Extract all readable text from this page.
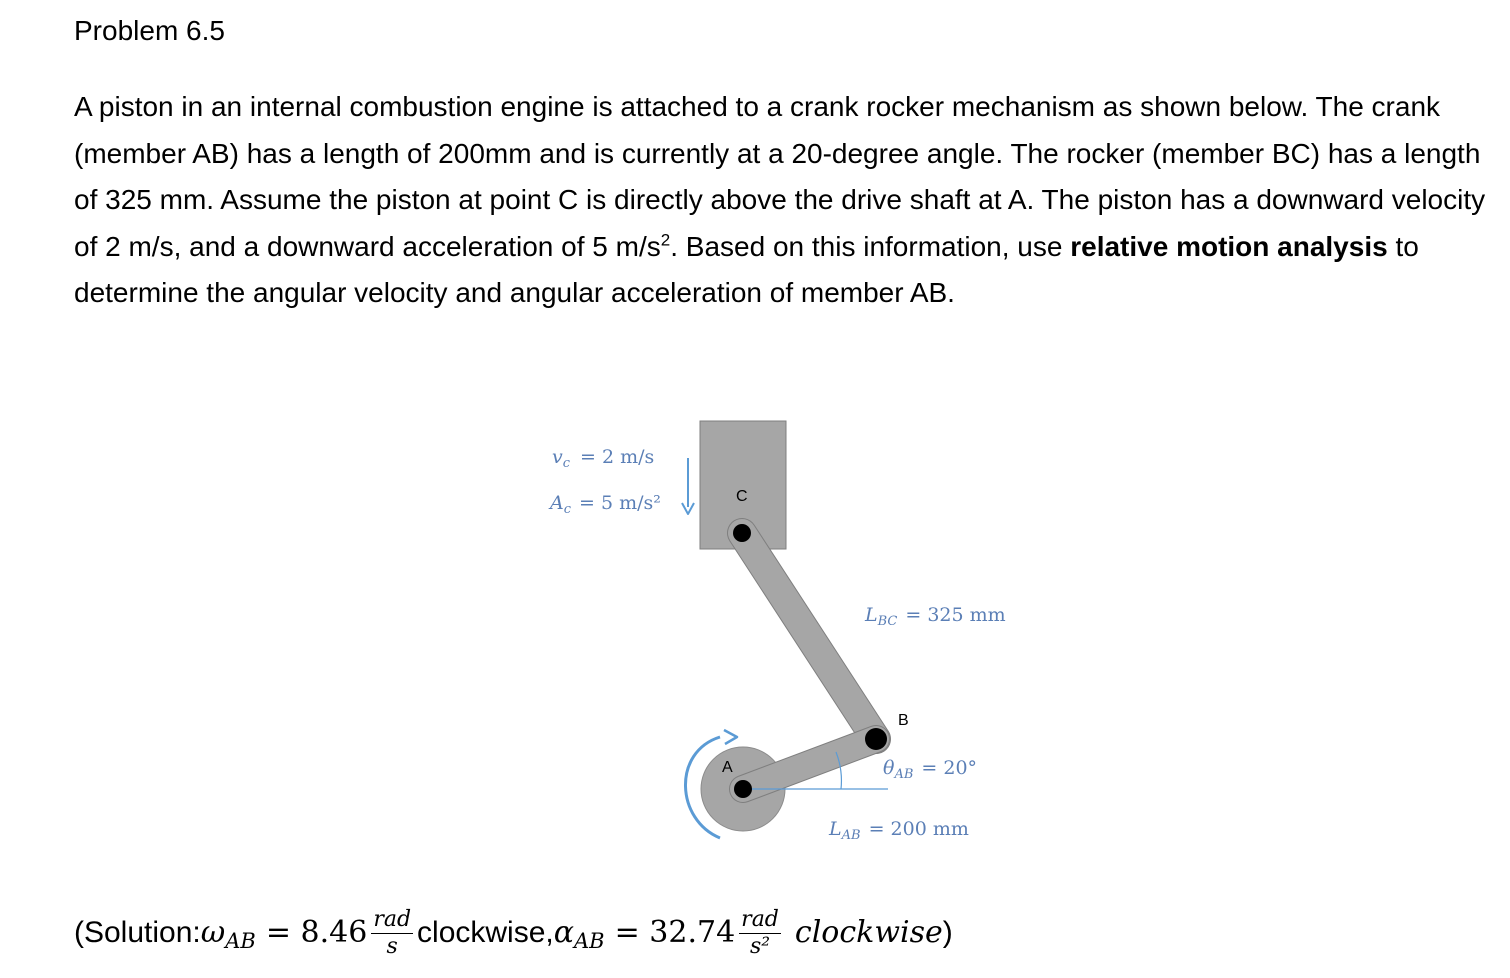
Problem 6.5
A piston in an internal combustion engine is attached to a crank rocker mechanism as shown below. The crank (member AB) has a length of 200mm and is currently at a 20-degree angle. The rocker (member BC) has a length of 325 mm. Assume the piston at point C is directly above the drive shaft at A. The piston has a downward velocity of 2 m/s, and a downward acceleration of 5 $m/s^2$. Based on this information, use relative motion analysis to determine the angular velocity and angular acceleration of member AB.
C
B
A
$v_c = 2$ m/s
$A_c = 5$ m/s²
$L_{BC} = 325$ mm
$\theta_{AB} = 20^\circ$
$L_{AB} = 200$ mm
(Solution: ω AB = $8.46 \frac{\text{rad}}{s}$ clockwise, α AB = $32.74 \frac{\text{rad}}{\text{s²}}$ clockwise )
